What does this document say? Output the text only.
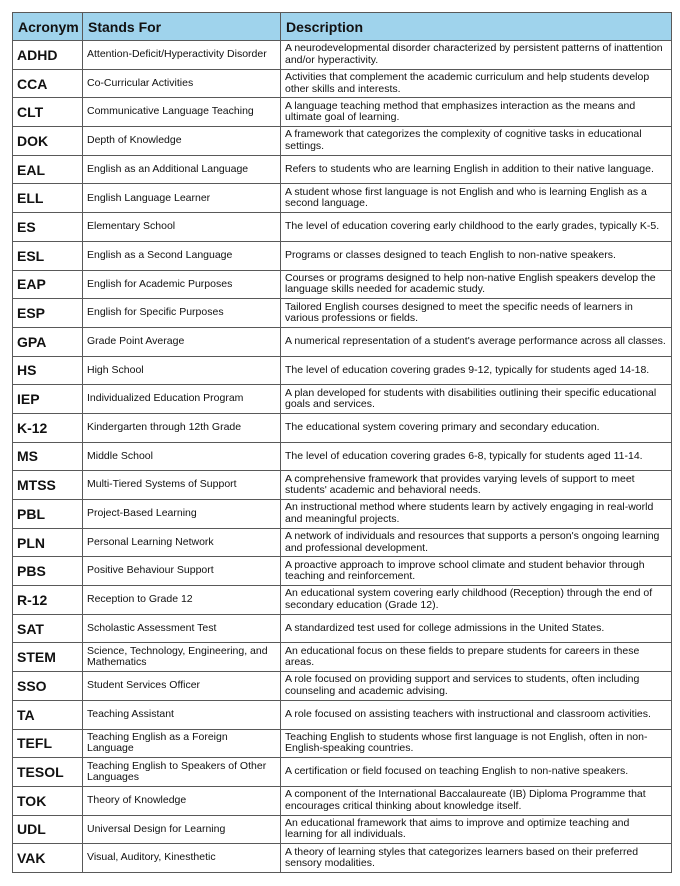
Acronym	Stands For	Description
ADHD	Attention-Deficit/Hyperactivity Disorder	A neurodevelopmental disorder characterized by persistent patterns of inattention and/or hyperactivity.
CCA	Co-Curricular Activities	Activities that complement the academic curriculum and help students develop other skills and interests.
CLT	Communicative Language Teaching	A language teaching method that emphasizes interaction as the means and ultimate goal of learning.
DOK	Depth of Knowledge	A framework that categorizes the complexity of cognitive tasks in educational settings.
EAL	English as an Additional Language	Refers to students who are learning English in addition to their native language.
ELL	English Language Learner	A student whose first language is not English and who is learning English as a second language.
ES	Elementary School	The level of education covering early childhood to the early grades, typically K-5.
ESL	English as a Second Language	Programs or classes designed to teach English to non-native speakers.
EAP	English for Academic Purposes	Courses or programs designed to help non-native English speakers develop the language skills needed for academic study.
ESP	English for Specific Purposes	Tailored English courses designed to meet the specific needs of learners in various professions or fields.
GPA	Grade Point Average	A numerical representation of a student's average performance across all classes.
HS	High School	The level of education covering grades 9-12, typically for students aged 14-18.
IEP	Individualized Education Program	A plan developed for students with disabilities outlining their specific educational goals and services.
K-12	Kindergarten through 12th Grade	The educational system covering primary and secondary education.
MS	Middle School	The level of education covering grades 6-8, typically for students aged 11-14.
MTSS	Multi-Tiered Systems of Support	A comprehensive framework that provides varying levels of support to meet students' academic and behavioral needs.
PBL	Project-Based Learning	An instructional method where students learn by actively engaging in real-world and meaningful projects.
PLN	Personal Learning Network	A network of individuals and resources that supports a person's ongoing learning and professional development.
PBS	Positive Behaviour Support	A proactive approach to improve school climate and student behavior through teaching and reinforcement.
R-12	Reception to Grade 12	An educational system covering early childhood (Reception) through the end of secondary education (Grade 12).
SAT	Scholastic Assessment Test	A standardized test used for college admissions in the United States.
STEM	Science, Technology, Engineering, and Mathematics	An educational focus on these fields to prepare students for careers in these areas.
SSO	Student Services Officer	A role focused on providing support and services to students, often including counseling and academic advising.
TA	Teaching Assistant	A role focused on assisting teachers with instructional and classroom activities.
TEFL	Teaching English as a Foreign Language	Teaching English to students whose first language is not English, often in non-English-speaking countries.
TESOL	Teaching English to Speakers of Other Languages	A certification or field focused on teaching English to non-native speakers.
TOK	Theory of Knowledge	A component of the International Baccalaureate (IB) Diploma Programme that encourages critical thinking about knowledge itself.
UDL	Universal Design for Learning	An educational framework that aims to improve and optimize teaching and learning for all individuals.
VAK	Visual, Auditory, Kinesthetic	A theory of learning styles that categorizes learners based on their preferred sensory modalities.
